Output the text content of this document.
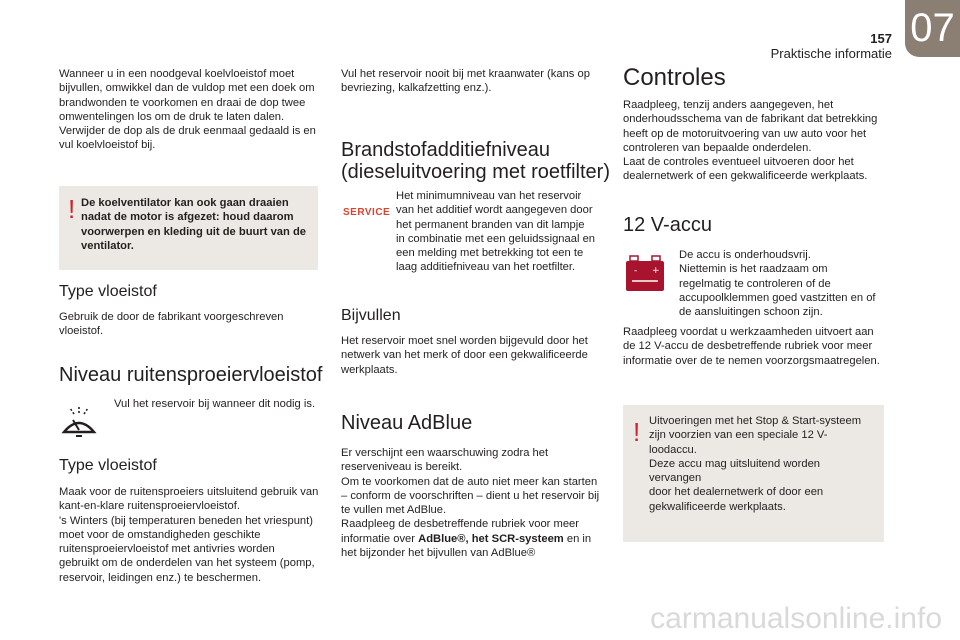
157
Praktische informatie
07
Wanneer u in een noodgeval koelvloeistof moet
bijvullen, omwikkel dan de vuldop met een doek om
brandwonden te voorkomen en draai de dop twee
omwentelingen los om de druk te laten dalen.
Verwijder de dop als de druk eenmaal gedaald is en
vul koelvloeistof bij.
! De koelventilator kan ook gaan draaien
nadat de motor is afgezet: houd daarom
voorwerpen en kleding uit de buurt van de
ventilator.
Type vloeistof
Gebruik de door de fabrikant voorgeschreven
vloeistof.
Niveau ruitensproeiervloeistof
Vul het reservoir bij wanneer dit nodig is.
Type vloeistof
Maak voor de ruitensproeiers uitsluitend gebruik van
kant-en-klare ruitensproeiervloeistof.
's Winters (bij temperaturen beneden het vriespunt)
moet voor de omstandigheden geschikte
ruitensproeiervloeistof met antivries worden
gebruikt om de onderdelen van het systeem (pomp,
reservoir, leidingen enz.) te beschermen.
Vul het reservoir nooit bij met kraanwater (kans op
bevriezing, kalkafzetting enz.).
Brandstofadditiefniveau
(dieseluitvoering met roetfilter)
SERVICE
Het minimumniveau van het reservoir
van het additief wordt aangegeven door
het permanent branden van dit lampje
in combinatie met een geluidssignaal en
een melding met betrekking tot een te
laag additiefniveau van het roetfilter.
Bijvullen
Het reservoir moet snel worden bijgevuld door het
netwerk van het merk of door een gekwalificeerde
werkplaats.
Niveau AdBlue
Er verschijnt een waarschuwing zodra het
reserveniveau is bereikt.
Om te voorkomen dat de auto niet meer kan starten
– conform de voorschriften – dient u het reservoir bij
te vullen met AdBlue.
Raadpleeg de desbetreffende rubriek voor meer
informatie over AdBlue®, het SCR-systeem en in
het bijzonder het bijvullen van AdBlue®
Controles
Raadpleeg, tenzij anders aangegeven, het
onderhoudsschema van de fabrikant dat betrekking
heeft op de motoruitvoering van uw auto voor het
controleren van bepaalde onderdelen.
Laat de controles eventueel uitvoeren door het
dealernetwerk of een gekwalificeerde werkplaats.
12 V-accu
- +
De accu is onderhoudsvrij.
Niettemin is het raadzaam om
regelmatig te controleren of de
accupoolklemmen goed vastzitten en of
de aansluitingen schoon zijn.
Raadpleeg voordat u werkzaamheden uitvoert aan
de 12 V-accu de desbetreffende rubriek voor meer
informatie over de te nemen voorzorgsmaatregelen.
! Uitvoeringen met het Stop & Start-systeem
zijn voorzien van een speciale 12 V-loodaccu.
Deze accu mag uitsluitend worden vervangen
door het dealernetwerk of door een
gekwalificeerde werkplaats.
carmanualsonline.info
